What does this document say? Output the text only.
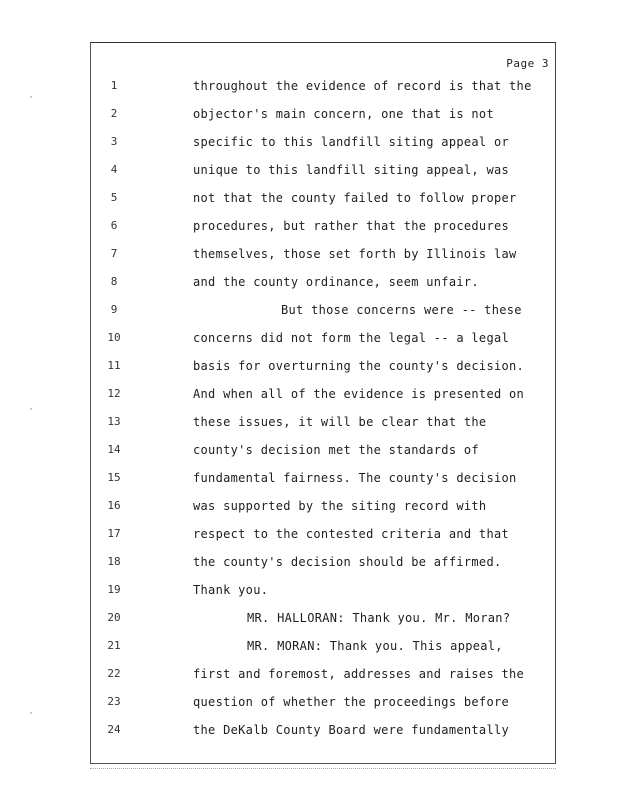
Page 3
1	throughout the evidence of record is that the
2	objector's main concern, one that is not
3	specific to this landfill siting appeal or
4	unique to this landfill siting appeal, was
5	not that the county failed to follow proper
6	procedures, but rather that the procedures
7	themselves, those set forth by Illinois law
8	and the county ordinance, seem unfair.
9	But those concerns were -- these
10	concerns did not form the legal -- a legal
11	basis for overturning the county's decision.
12	And when all of the evidence is presented on
13	these issues, it will be clear that the
14	county's decision met the standards of
15	fundamental fairness. The county's decision
16	was supported by the siting record with
17	respect to the contested criteria and that
18	the county's decision should be affirmed.
19	Thank you.
20	MR. HALLORAN: Thank you. Mr. Moran?
21	MR. MORAN: Thank you. This appeal,
22	first and foremost, addresses and raises the
23	question of whether the proceedings before
24	the DeKalb County Board were fundamentally
·
·
·
